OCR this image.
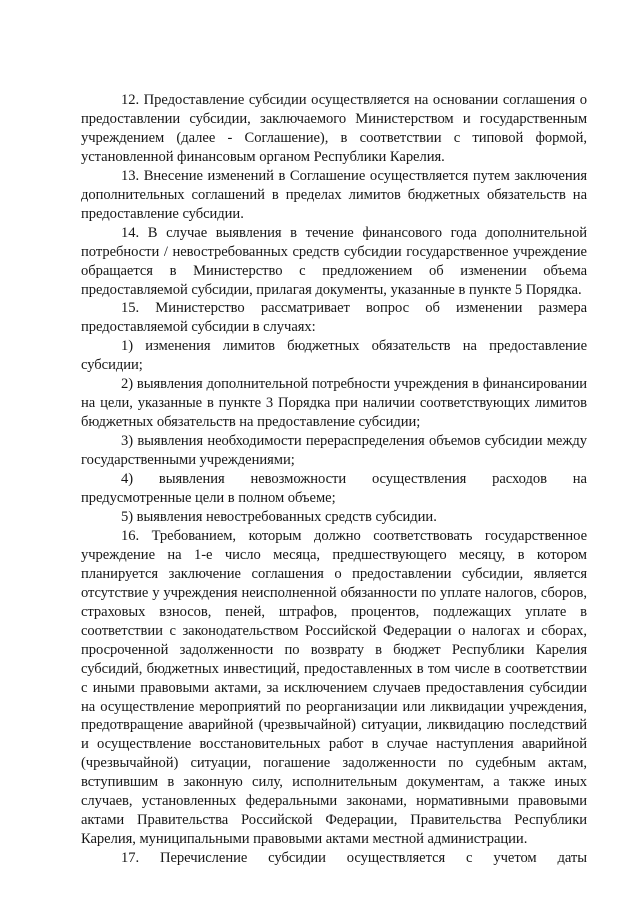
12. Предоставление субсидии осуществляется на основании соглашения о предоставлении субсидии, заключаемого Министерством и государственным учреждением (далее - Соглашение), в соответствии с типовой формой, установленной финансовым органом Республики Карелия.

13. Внесение изменений в Соглашение осуществляется путем заключения дополнительных соглашений в пределах лимитов бюджетных обязательств на предоставление субсидии.

14. В случае выявления в течение финансового года дополнительной потребности / невостребованных средств субсидии государственное учреждение обращается в Министерство с предложением об изменении объема предоставляемой субсидии, прилагая документы, указанные в пункте 5 Порядка.

15. Министерство рассматривает вопрос об изменении размера предоставляемой субсидии в случаях:

1) изменения лимитов бюджетных обязательств на предоставление субсидии;

2) выявления дополнительной потребности учреждения в финансировании на цели, указанные в пункте 3 Порядка при наличии соответствующих лимитов бюджетных обязательств на предоставление субсидии;

3) выявления необходимости перераспределения объемов субсидии между государственными учреждениями;

4) выявления невозможности осуществления расходов на предусмотренные цели в полном объеме;

5) выявления невостребованных средств субсидии.

16. Требованием, которым должно соответствовать государственное учреждение на 1-е число месяца, предшествующего месяцу, в котором планируется заключение соглашения о предоставлении субсидии, является отсутствие у учреждения неисполненной обязанности по уплате налогов, сборов, страховых взносов, пеней, штрафов, процентов, подлежащих уплате в соответствии с законодательством Российской Федерации о налогах и сборах, просроченной задолженности по возврату в бюджет Республики Карелия субсидий, бюджетных инвестиций, предоставленных в том числе в соответствии с иными правовыми актами, за исключением случаев предоставления субсидии на осуществление мероприятий по реорганизации или ликвидации учреждения, предотвращение аварийной (чрезвычайной) ситуации, ликвидацию последствий и осуществление восстановительных работ в случае наступления аварийной (чрезвычайной) ситуации, погашение задолженности по судебным актам, вступившим в законную силу, исполнительным документам, а также иных случаев, установленных федеральными законами, нормативными правовыми актами Правительства Российской Федерации, Правительства Республики Карелия, муниципальными правовыми актами местной администрации.

17. Перечисление субсидии осуществляется с учетом даты
